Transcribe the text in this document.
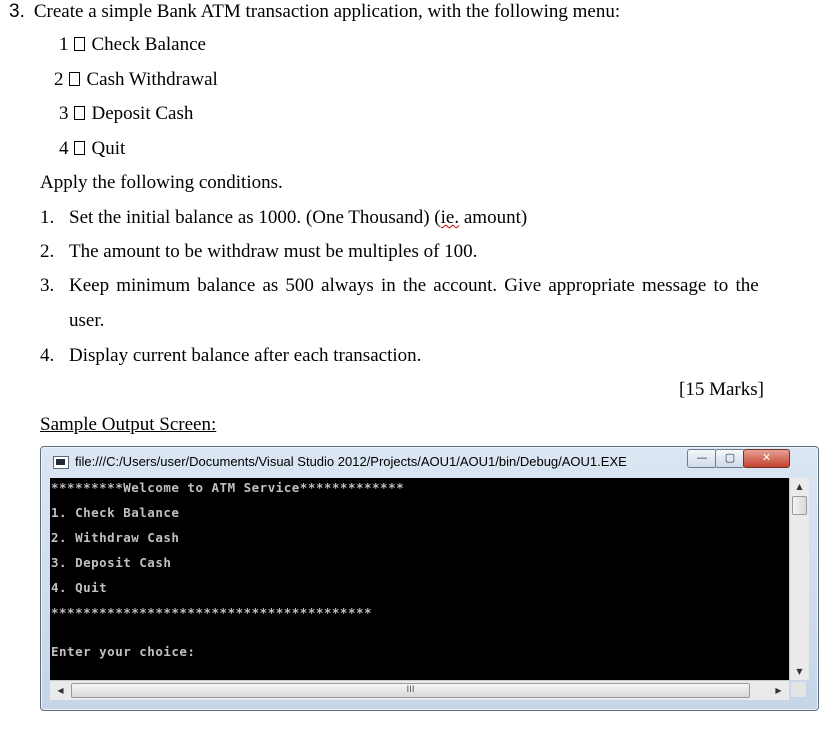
3. Create a simple Bank ATM transaction application, with the following menu:
1 Check Balance
2 Cash Withdrawal
3 Deposit Cash
4 Quit
Apply the following conditions.
1. Set the initial balance as 1000. (One Thousand) (ie. amount)
2. The amount to be withdraw must be multiples of 100.
3. Keep minimum balance as 500 always in the account. Give appropriate message to the
user.
4. Display current balance after each transaction.
[15 Marks]
Sample Output Screen:
file:///C:/Users/user/Documents/Visual Studio 2012/Projects/AOU1/AOU1/bin/Debug/AOU1.EXE	—	▢	✕
*********Welcome to ATM Service*************
1. Check Balance
2. Withdraw Cash
3. Deposit Cash
4. Quit
****************************************
Enter your choice:
▲
▼
◀	III	▶
